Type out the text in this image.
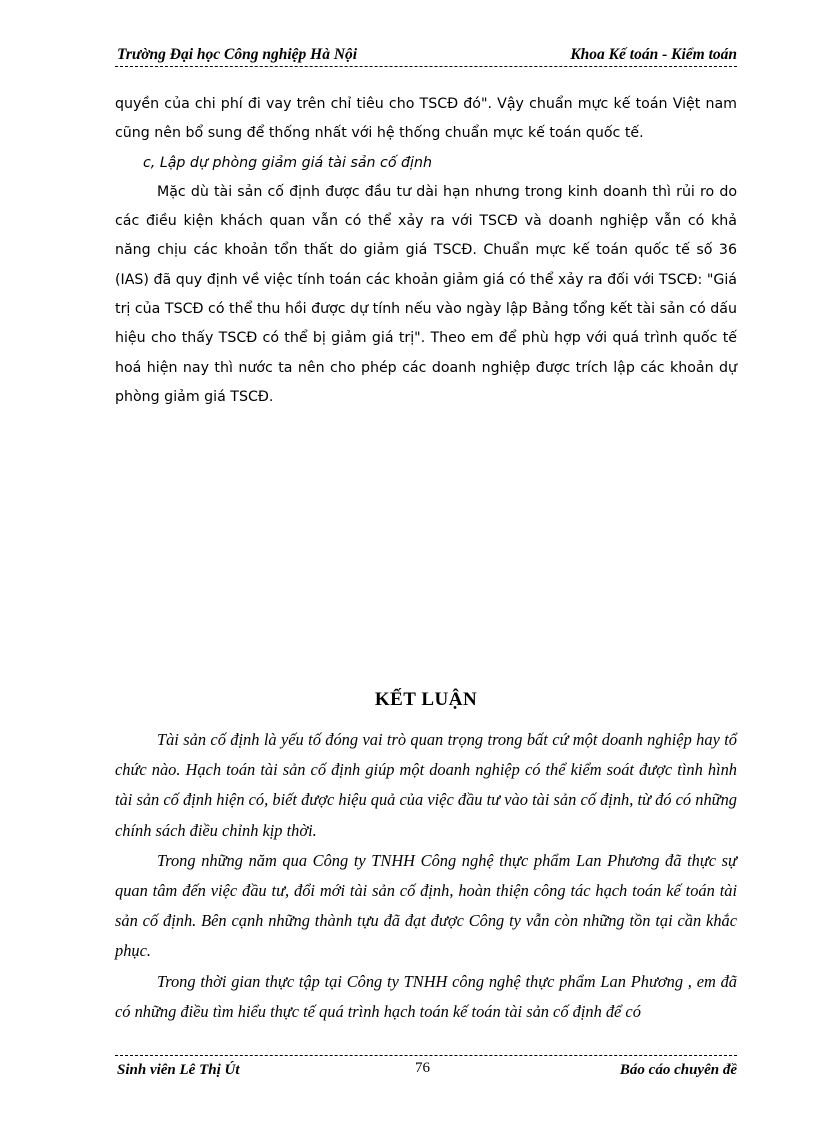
Trường Đại học Công nghiệp Hà Nội	Khoa Kế toán - Kiểm toán

quyền của chi phí đi vay trên chỉ tiêu cho TSCĐ đó". Vậy chuẩn mực kế toán Việt nam cũng nên bổ sung để thống nhất với hệ thống chuẩn mực kế toán quốc tế.

c, Lập dự phòng giảm giá tài sản cố định

Mặc dù tài sản cố định được đầu tư dài hạn nhưng trong kinh doanh thì rủi ro do các điều kiện khách quan vẫn có thể xảy ra với TSCĐ và doanh nghiệp vẫn có khả năng chịu các khoản tổn thất do giảm giá TSCĐ. Chuẩn mực kế toán quốc tế số 36 (IAS) đã quy định về việc tính toán các khoản giảm giá có thể xảy ra đối với TSCĐ: "Giá trị của TSCĐ có thể thu hồi được dự tính nếu vào ngày lập Bảng tổng kết tài sản có dấu hiệu cho thấy TSCĐ có thể bị giảm giá trị". Theo em để phù hợp với quá trình quốc tế hoá hiện nay thì nước ta nên cho phép các doanh nghiệp được trích lập các khoản dự phòng giảm giá TSCĐ.

KẾT LUẬN

Tài sản cố định là yếu tố đóng vai trò quan trọng trong bất cứ một doanh nghiệp hay tổ chức nào. Hạch toán tài sản cố định giúp một doanh nghiệp có thể kiểm soát được tình hình tài sản cố định hiện có, biết được hiệu quả của việc đầu tư vào tài sản cố định, từ đó có những chính sách điều chỉnh kịp thời.

Trong những năm qua Công ty TNHH Công nghệ thực phẩm Lan Phương đã thực sự quan tâm đến việc đầu tư, đổi mới tài sản cố định, hoàn thiện công tác hạch toán kế toán tài sản cố định. Bên cạnh những thành tựu đã đạt được Công ty vẫn còn những tồn tại cần khắc phục.

Trong thời gian thực tập tại Công ty TNHH công nghệ thực phẩm Lan Phương , em đã có những điều tìm hiểu thực tế quá trình hạch toán kế toán tài sản cố định để có

Sinh viên Lê Thị Út	76	Báo cáo chuyên đề
